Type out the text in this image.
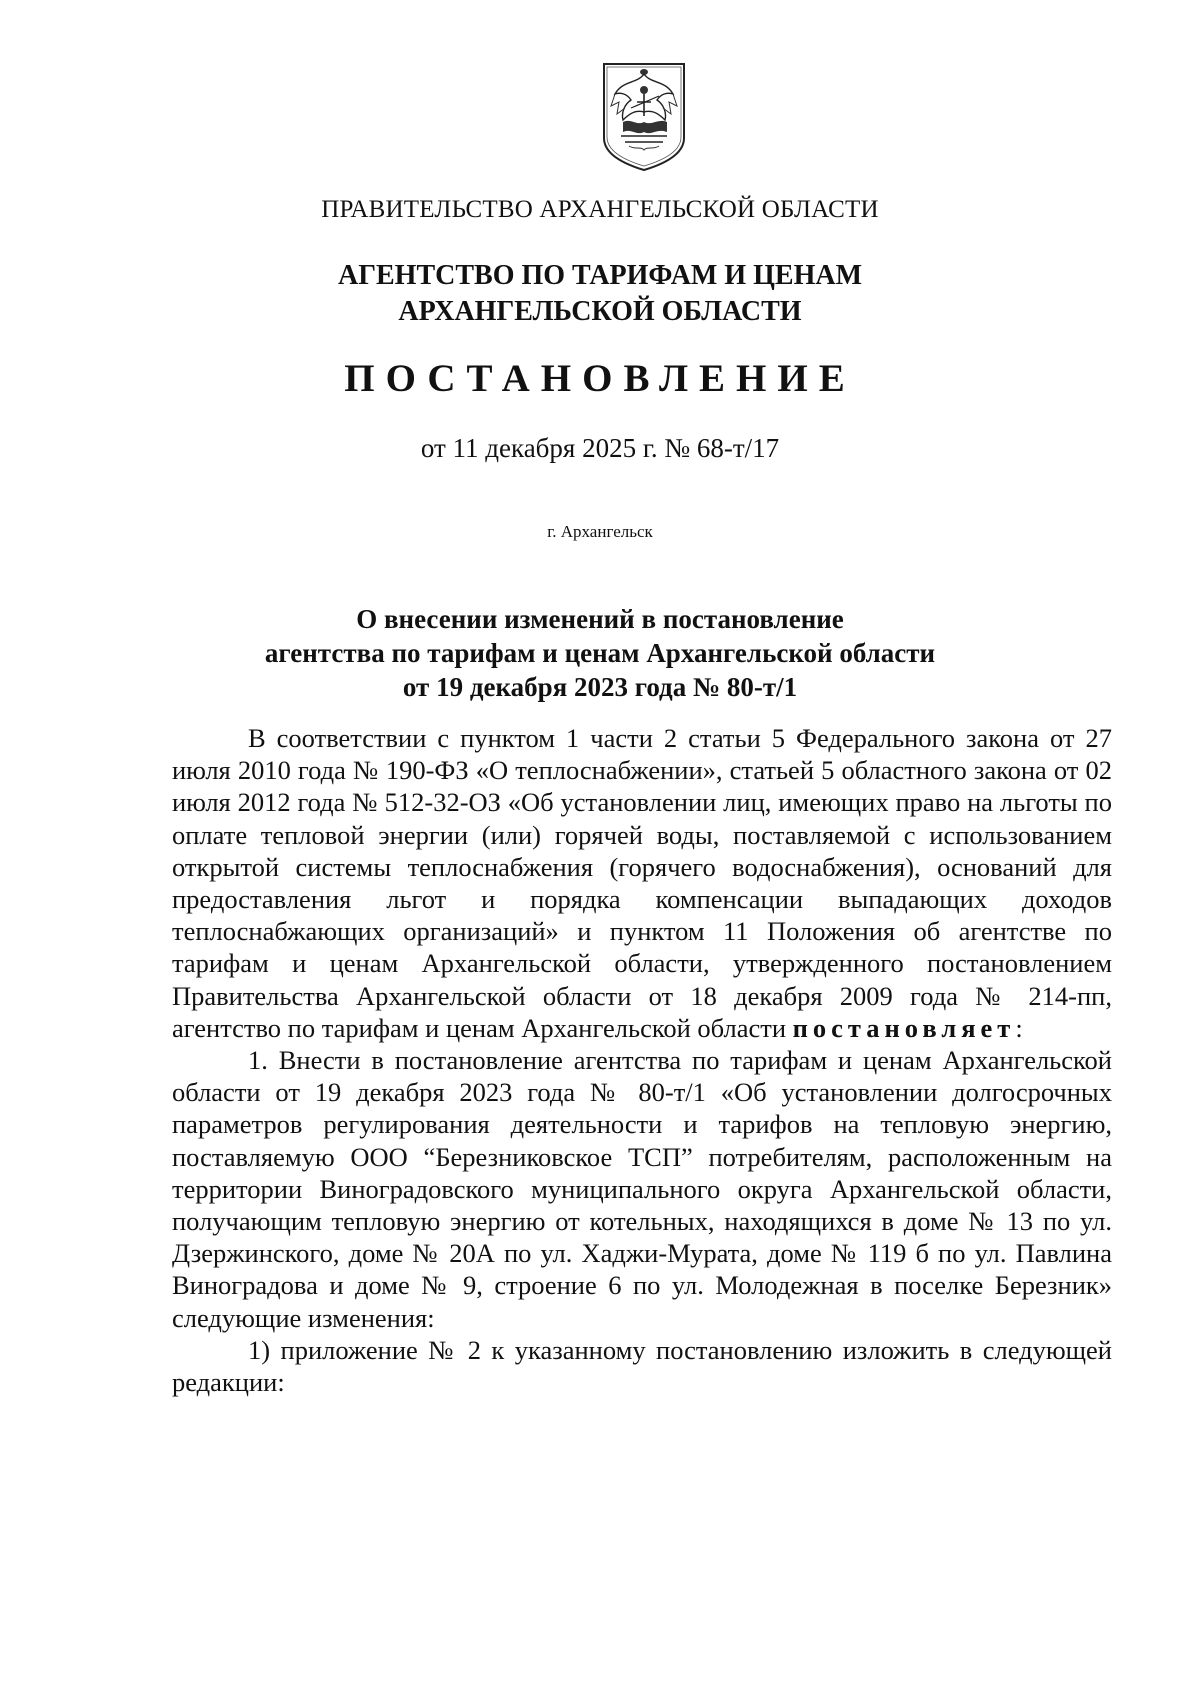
ПРАВИТЕЛЬСТВО АРХАНГЕЛЬСКОЙ ОБЛАСТИ
АГЕНТСТВО ПО ТАРИФАМ И ЦЕНАМ
АРХАНГЕЛЬСКОЙ ОБЛАСТИ
ПОСТАНОВЛЕНИЕ
от 11 декабря 2025 г. № 68-т/17
г. Архангельск
О внесении изменений в постановление
агентства по тарифам и ценам Архангельской области
от 19 декабря 2023 года № 80-т/1

В соответствии с пунктом 1 части 2 статьи 5 Федерального закона от 27 июля 2010 года № 190-ФЗ «О теплоснабжении», статьей 5 областного закона от 02 июля 2012 года № 512-32-ОЗ «Об установлении лиц, имеющих право на льготы по оплате тепловой энергии (или) горячей воды, поставляемой с использованием открытой системы теплоснабжения (горячего водоснабжения), оснований для предоставления льгот и порядка компенсации выпадающих доходов теплоснабжающих организаций» и пунктом 11 Положения об агентстве по тарифам и ценам Архангельской области, утвержденного постановлением Правительства Архангельской области от 18 декабря 2009 года № 214-пп, агентство по тарифам и ценам Архангельской области постановляет:

1. Внести в постановление агентства по тарифам и ценам Архангельской области от 19 декабря 2023 года № 80-т/1 «Об установлении долгосрочных параметров регулирования деятельности и тарифов на тепловую энергию, поставляемую ООО “Березниковское ТСП” потребителям, расположенным на территории Виноградовского муниципального округа Архангельской области, получающим тепловую энергию от котельных, находящихся в доме № 13 по ул. Дзержинского, доме № 20А по ул. Хаджи-Мурата, доме № 119 б по ул. Павлина Виноградова и доме № 9, строение 6 по ул. Молодежная в поселке Березник» следующие изменения:

1) приложение № 2 к указанному постановлению изложить в следующей редакции:
